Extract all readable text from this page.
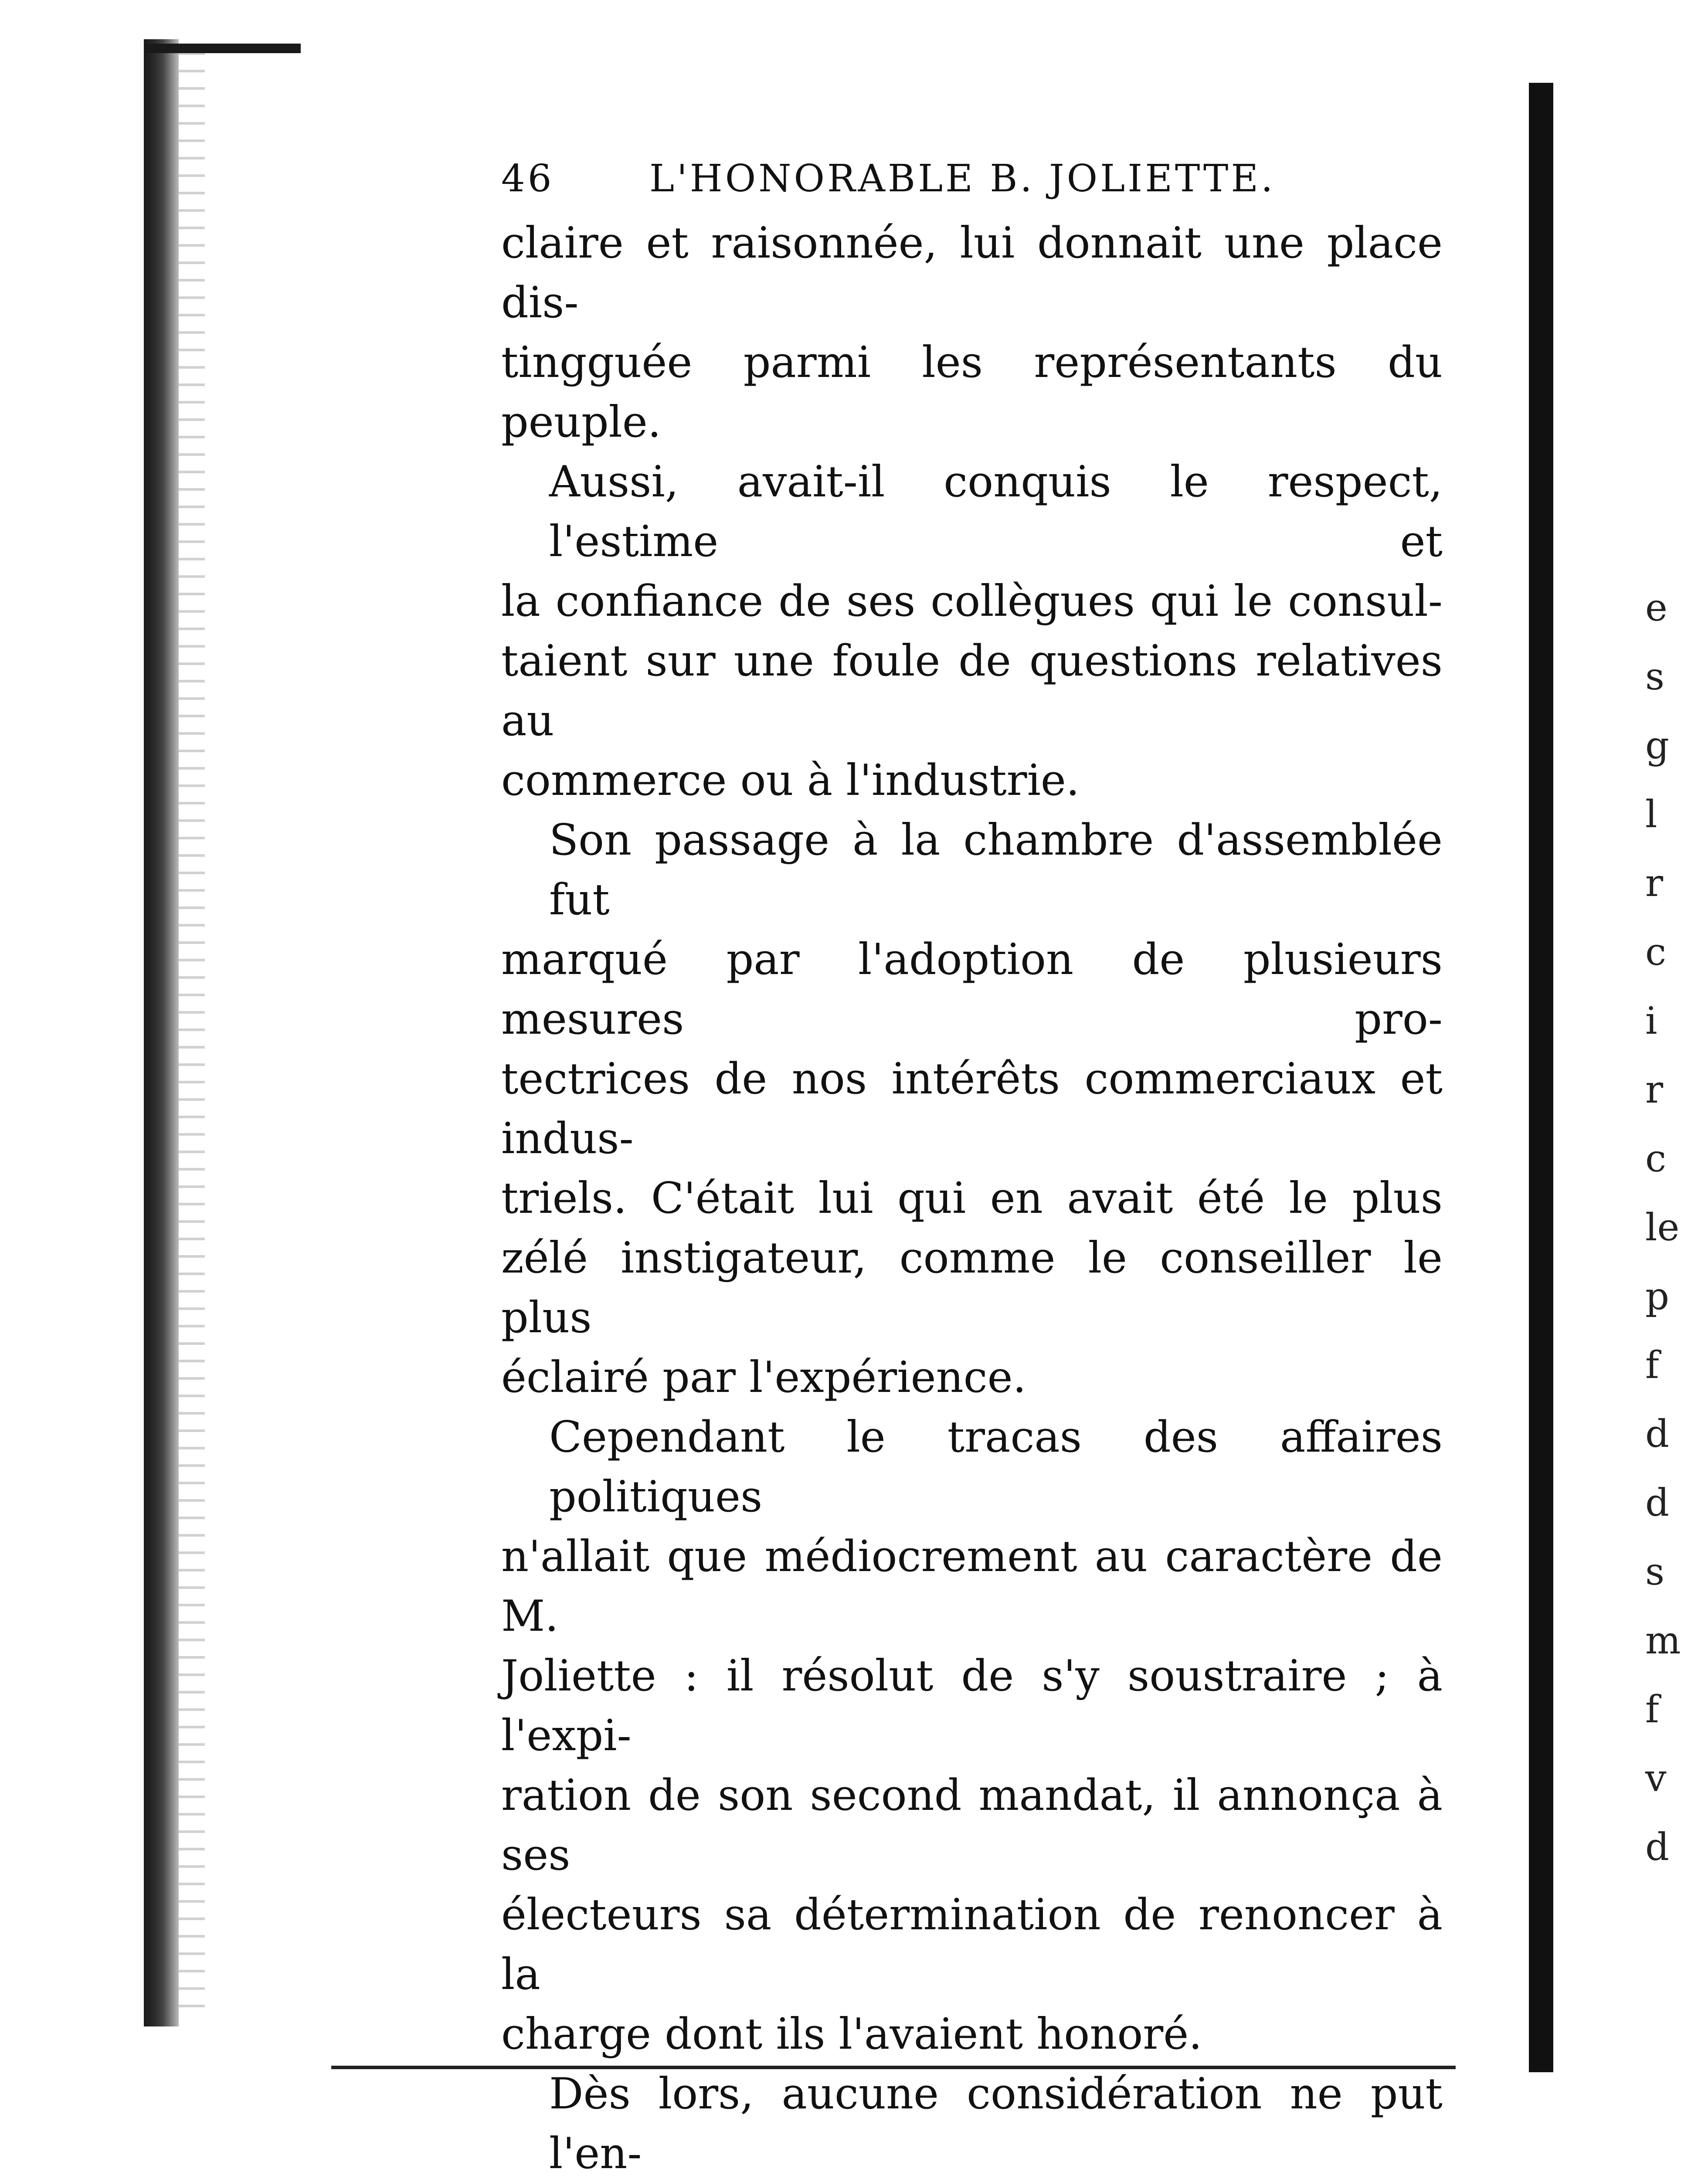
46	L'HONORABLE B. JOLIETTE.

claire et raisonnée, lui donnait une place dis-
tingguée parmi les représentants du peuple.

Aussi, avait-il conquis le respect, l'estime et
la confiance de ses collègues qui le consul-
taient sur une foule de questions relatives au
commerce ou à l'industrie.

Son passage à la chambre d'assemblée fut
marqué par l'adoption de plusieurs mesures pro-
tectrices de nos intérêts commerciaux et indus-
triels. C'était lui qui en avait été le plus
zélé instigateur, comme le conseiller le plus
éclairé par l'expérience.

Cependant le tracas des affaires politiques
n'allait que médiocrement au caractère de M.
Joliette : il résolut de s'y soustraire ; à l'expi-
ration de son second mandat, il annonça à ses
électeurs sa détermination de renoncer à la
charge dont ils l'avaient honoré.

Dès lors, aucune considération ne put l'en-

e
s
g
l
r
c
i
r
c
le
p
f
d
d
s
m
f
v
d
